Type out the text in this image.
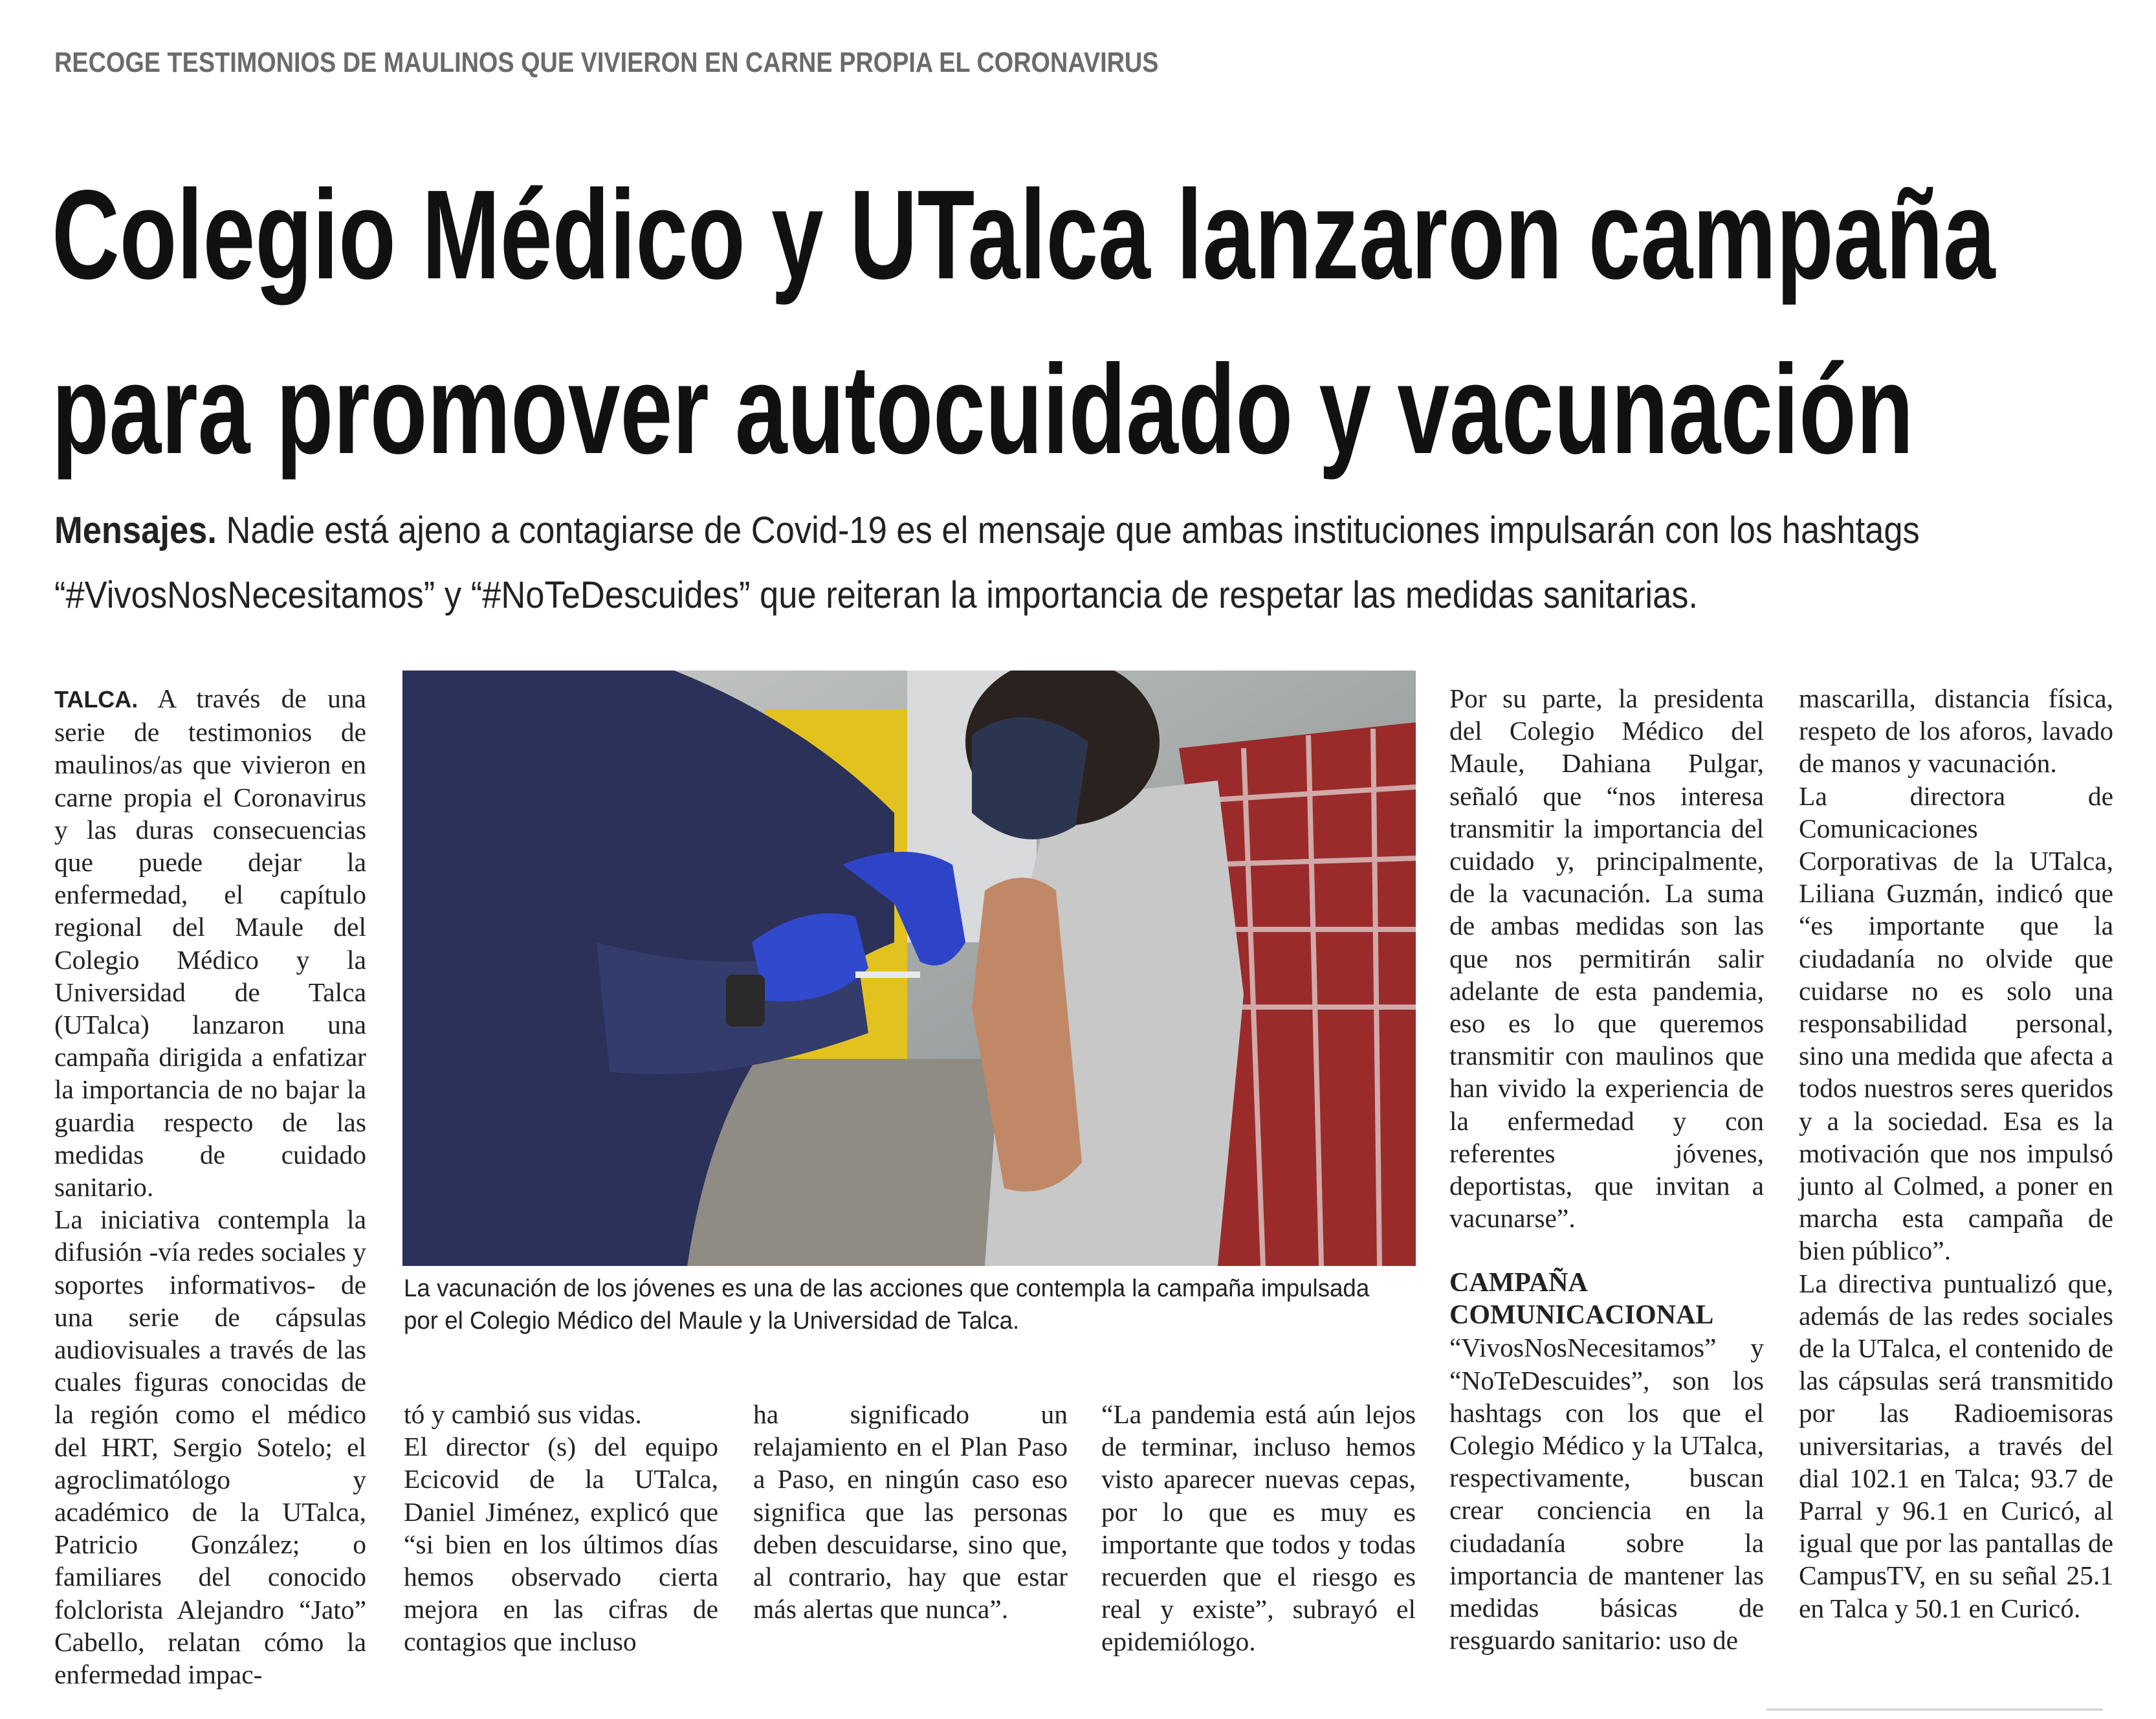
RECOGE TESTIMONIOS DE MAULINOS QUE VIVIERON EN CARNE PROPIA EL CORONAVIRUS
Colegio Médico y UTalca lanzaron campaña
para promover autocuidado y vacunación
Mensajes. Nadie está ajeno a contagiarse de Covid-19 es el mensaje que ambas instituciones impulsarán con los hashtags “#VivosNosNecesitamos” y “#NoTeDescuides” que reiteran la importancia de respetar las medidas sanitarias.

TALCA. A través de una serie de testimonios de maulinos/as que vivieron en carne propia el Coronavirus y las duras consecuencias que puede dejar la enfermedad, el capítulo regional del Maule del Colegio Médico y la Universidad de Talca (UTalca) lanzaron una campaña dirigida a enfatizar la importancia de no bajar la guardia respecto de las medidas de cuidado sanitario.

La iniciativa contempla la difusión -vía redes sociales y soportes informativos- de una serie de cápsulas audiovisuales a través de las cuales figuras conocidas de la región como el médico del HRT, Sergio Sotelo; el agroclimatólogo y académico de la UTalca, Patricio González; o familiares del conocido folclorista Alejandro “Jato” Cabello, relatan cómo la enfermedad impac-

La vacunación de los jóvenes es una de las acciones que contempla la campaña impulsada por el Colegio Médico del Maule y la Universidad de Talca.

tó y cambió sus vidas.

El director (s) del equipo Ecicovid de la UTalca, Daniel Jiménez, explicó que “si bien en los últimos días hemos observado cierta mejora en las cifras de contagios que incluso

ha significado un relajamiento en el Plan Paso a Paso, en ningún caso eso significa que las personas deben descuidarse, sino que, al contrario, hay que estar más alertas que nunca”.

“La pandemia está aún lejos de terminar, incluso hemos visto aparecer nuevas cepas, por lo que es muy es importante que todos y todas recuerden que el riesgo es real y existe”, subrayó el epidemiólogo.

Por su parte, la presidenta del Colegio Médico del Maule, Dahiana Pulgar, señaló que “nos interesa transmitir la importancia del cuidado y, principalmente, de la vacunación. La suma de ambas medidas son las que nos permitirán salir adelante de esta pandemia, eso es lo que queremos transmitir con maulinos que han vivido la experiencia de la enfermedad y con referentes jóvenes, deportistas, que invitan a vacunarse”.

CAMPAÑA COMUNICACIONAL

“VivosNosNecesitamos” y “NoTeDescuides”, son los hashtags con los que el Colegio Médico y la UTalca, respectivamente, buscan crear conciencia en la ciudadanía sobre la importancia de mantener las medidas básicas de resguardo sanitario: uso de

mascarilla, distancia física, respeto de los aforos, lavado de manos y vacunación.

La directora de Comunicaciones Corporativas de la UTalca, Liliana Guzmán, indicó que “es importante que la ciudadanía no olvide que cuidarse no es solo una responsabilidad personal, sino una medida que afecta a todos nuestros seres queridos y a la sociedad. Esa es la motivación que nos impulsó junto al Colmed, a poner en marcha esta campaña de bien público”.

La directiva puntualizó que, además de las redes sociales de la UTalca, el contenido de las cápsulas será transmitido por las Radioemisoras universitarias, a través del dial 102.1 en Talca; 93.7 de Parral y 96.1 en Curicó, al igual que por las pantallas de CampusTV, en su señal 25.1 en Talca y 50.1 en Curicó.
